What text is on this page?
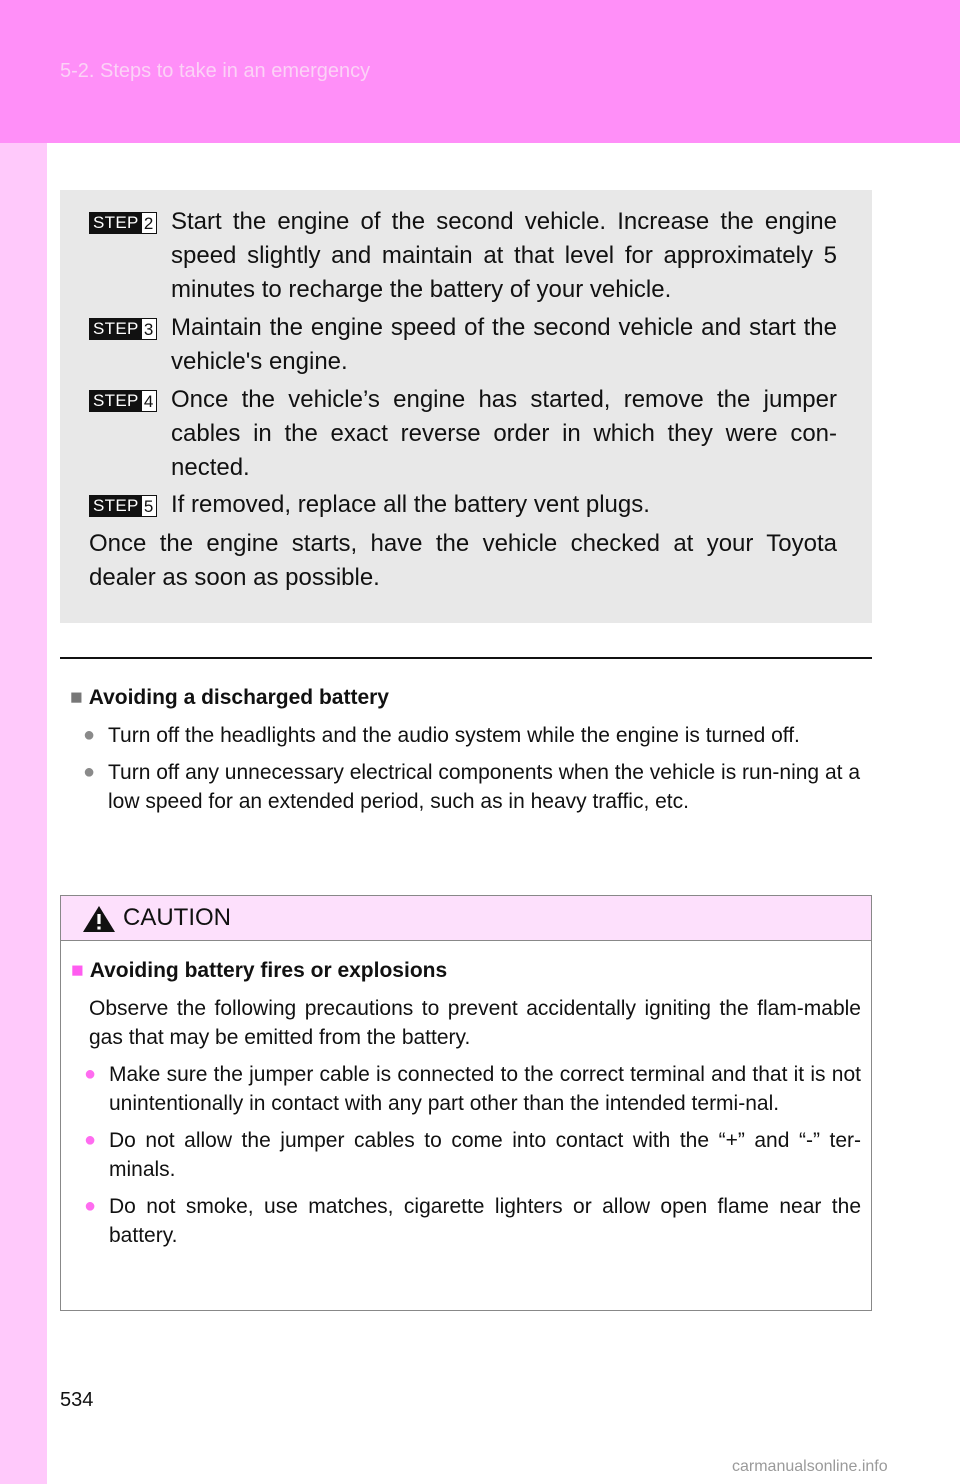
5-2. Steps to take in an emergency
STEP 2 Start the engine of the second vehicle. Increase the engine speed slightly and maintain at that level for approximately 5 minutes to recharge the battery of your vehicle.
STEP 3 Maintain the engine speed of the second vehicle and start the vehicle's engine.
STEP 4 Once the vehicle’s engine has started, remove the jumper cables in the exact reverse order in which they were con-nected.
STEP 5 If removed, replace all the battery vent plugs.
Once the engine starts, have the vehicle checked at your Toyota dealer as soon as possible.
■ Avoiding a discharged battery
● Turn off the headlights and the audio system while the engine is turned off.
● Turn off any unnecessary electrical components when the vehicle is run-ning at a low speed for an extended period, such as in heavy traffic, etc.
CAUTION
■ Avoiding battery fires or explosions
Observe the following precautions to prevent accidentally igniting the flam-mable gas that may be emitted from the battery.
● Make sure the jumper cable is connected to the correct terminal and that it is not unintentionally in contact with any part other than the intended termi-nal.
● Do not allow the jumper cables to come into contact with the “+” and “-” ter-minals.
● Do not smoke, use matches, cigarette lighters or allow open flame near the battery.
534
carmanualsonline.info
